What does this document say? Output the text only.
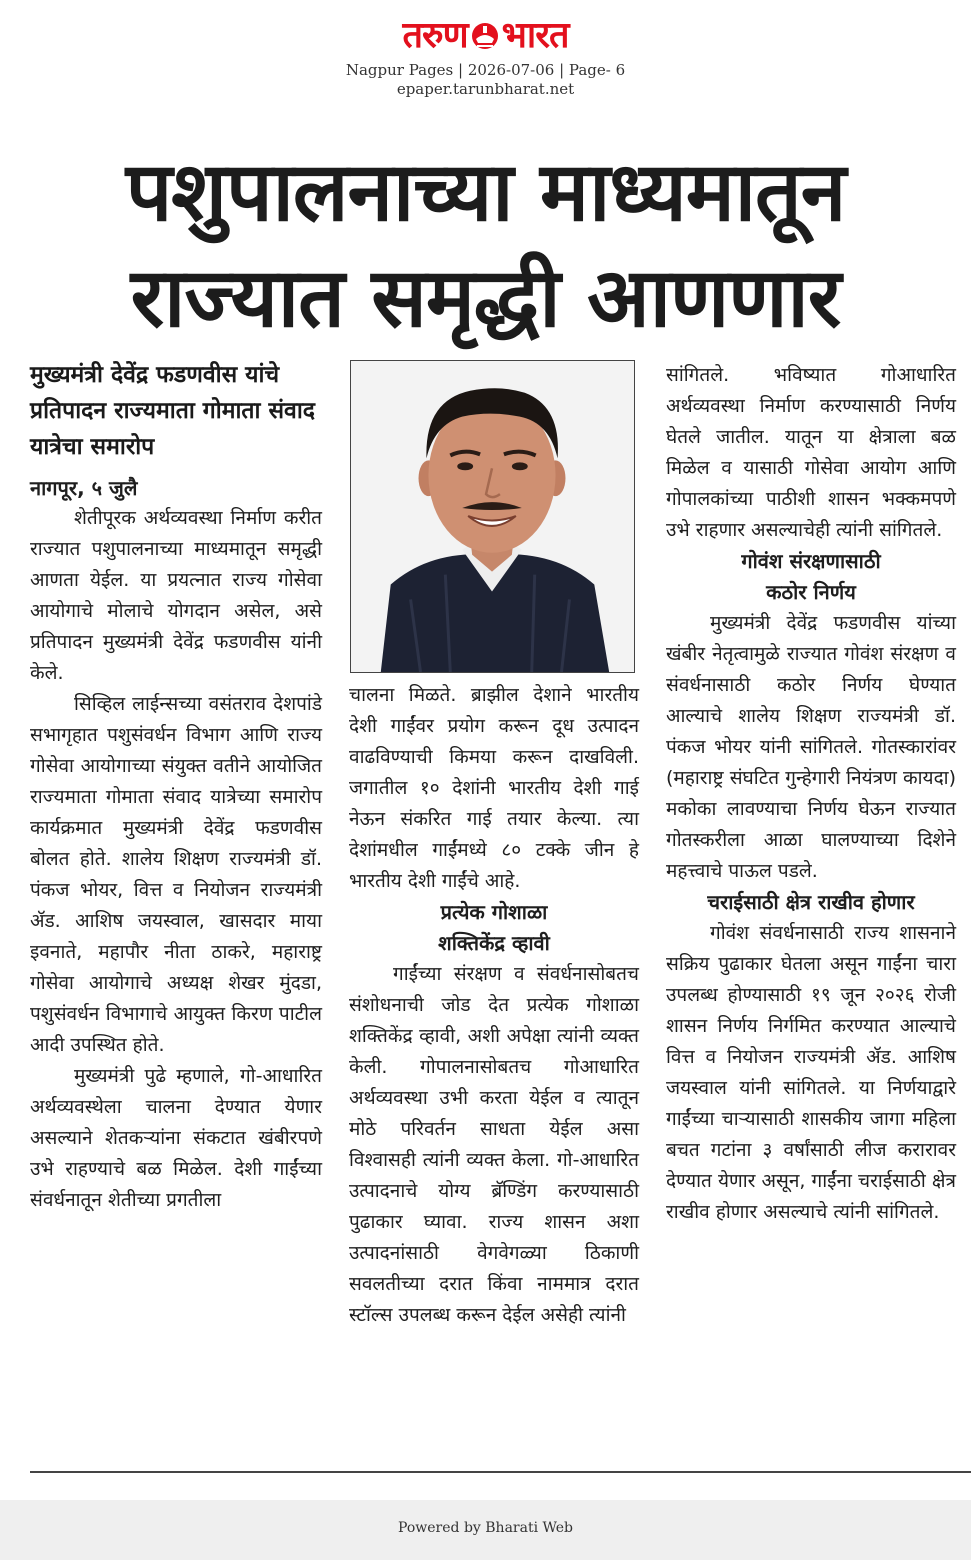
तरुण भारत
Nagpur Pages | 2026-07-06 | Page- 6
epaper.tarunbharat.net
पशुपालनाच्या माध्यमातून
राज्यात समृद्धी आणणार
मुख्यमंत्री देवेंद्र फडणवीस यांचे प्रतिपादन राज्यमाता गोमाता संवाद यात्रेचा समारोप
नागपूर, ५ जुलै

शेतीपूरक अर्थव्यवस्था निर्माण करीत राज्यात पशुपालनाच्या माध्यमातून समृद्धी आणता येईल. या प्रयत्नात राज्य गोसेवा आयोगाचे मोलाचे योगदान असेल, असे प्रतिपादन मुख्यमंत्री देवेंद्र फडणवीस यांनी केले.

सिव्हिल लाईन्सच्या वसंतराव देशपांडे सभागृहात पशुसंवर्धन विभाग आणि राज्य गोसेवा आयोगाच्या संयुक्त वतीने आयोजित राज्यमाता गोमाता संवाद यात्रेच्या समारोप कार्यक्रमात मुख्यमंत्री देवेंद्र फडणवीस बोलत होते. शालेय शिक्षण राज्यमंत्री डॉ. पंकज भोयर, वित्त व नियोजन राज्यमंत्री ॲड. आशिष जयस्वाल, खासदार माया इवनाते, महापौर नीता ठाकरे, महाराष्ट्र गोसेवा आयोगाचे अध्यक्ष शेखर मुंदडा, पशुसंवर्धन विभागाचे आयुक्त किरण पाटील आदी उपस्थित होते.

मुख्यमंत्री पुढे म्हणाले, गो-आधारित अर्थव्यवस्थेला चालना देण्यात येणार असल्याने शेतकऱ्यांना संकटात खंबीरपणे उभे राहण्याचे बळ मिळेल. देशी गाईंच्या संवर्धनातून शेतीच्या प्रगतीला

चालना मिळते. ब्राझील देशाने भारतीय देशी गाईंवर प्रयोग करून दूध उत्पादन वाढविण्याची किमया करून दाखविली. जगातील १० देशांनी भारतीय देशी गाई नेऊन संकरित गाई तयार केल्या. त्या देशांमधील गाईंमध्ये ८० टक्के जीन हे भारतीय देशी गाईंचे आहे.

प्रत्येक गोशाळा

शक्तिकेंद्र व्हावी

गाईंच्या संरक्षण व संवर्धनासोबतच संशोधनाची जोड देत प्रत्येक गोशाळा शक्तिकेंद्र व्हावी, अशी अपेक्षा त्यांनी व्यक्त केली. गोपालनासोबतच गोआधारित अर्थव्यवस्था उभी करता येईल व त्यातून मोठे परिवर्तन साधता येईल असा विश्वासही त्यांनी व्यक्त केला. गो-आधारित उत्पादनाचे योग्य ब्रॅण्डिंग करण्यासाठी पुढाकार घ्यावा. राज्य शासन अशा उत्पादनांसाठी वेगवेगळ्या ठिकाणी सवलतीच्या दरात किंवा नाममात्र दरात स्टॉल्स उपलब्ध करून देईल असेही त्यांनी

सांगितले. भविष्यात गोआधारित अर्थव्यवस्था निर्माण करण्यासाठी निर्णय घेतले जातील. यातून या क्षेत्राला बळ मिळेल व यासाठी गोसेवा आयोग आणि गोपालकांच्या पाठीशी शासन भक्कमपणे उभे राहणार असल्याचेही त्यांनी सांगितले.

गोवंश संरक्षणासाठी

कठोर निर्णय

मुख्यमंत्री देवेंद्र फडणवीस यांच्या खंबीर नेतृत्वामुळे राज्यात गोवंश संरक्षण व संवर्धनासाठी कठोर निर्णय घेण्यात आल्याचे शालेय शिक्षण राज्यमंत्री डॉ. पंकज भोयर यांनी सांगितले. गोतस्कारांवर (महाराष्ट्र संघटित गुन्हेगारी नियंत्रण कायदा) मकोका लावण्याचा निर्णय घेऊन राज्यात गोतस्करीला आळा घालण्याच्या दिशेने महत्त्वाचे पाऊल पडले.

चराईसाठी क्षेत्र राखीव होणार

गोवंश संवर्धनासाठी राज्य शासनाने सक्रिय पुढाकार घेतला असून गाईंना चारा उपलब्ध होण्यासाठी १९ जून २०२६ रोजी शासन निर्णय निर्गमित करण्यात आल्याचे वित्त व नियोजन राज्यमंत्री ॲड. आशिष जयस्वाल यांनी सांगितले. या निर्णयाद्वारे गाईंच्या चाऱ्यासाठी शासकीय जागा महिला बचत गटांना ३ वर्षांसाठी लीज करारावर देण्यात येणार असून, गाईंना चराईसाठी क्षेत्र राखीव होणार असल्याचे त्यांनी सांगितले.

Powered by Bharati Web
